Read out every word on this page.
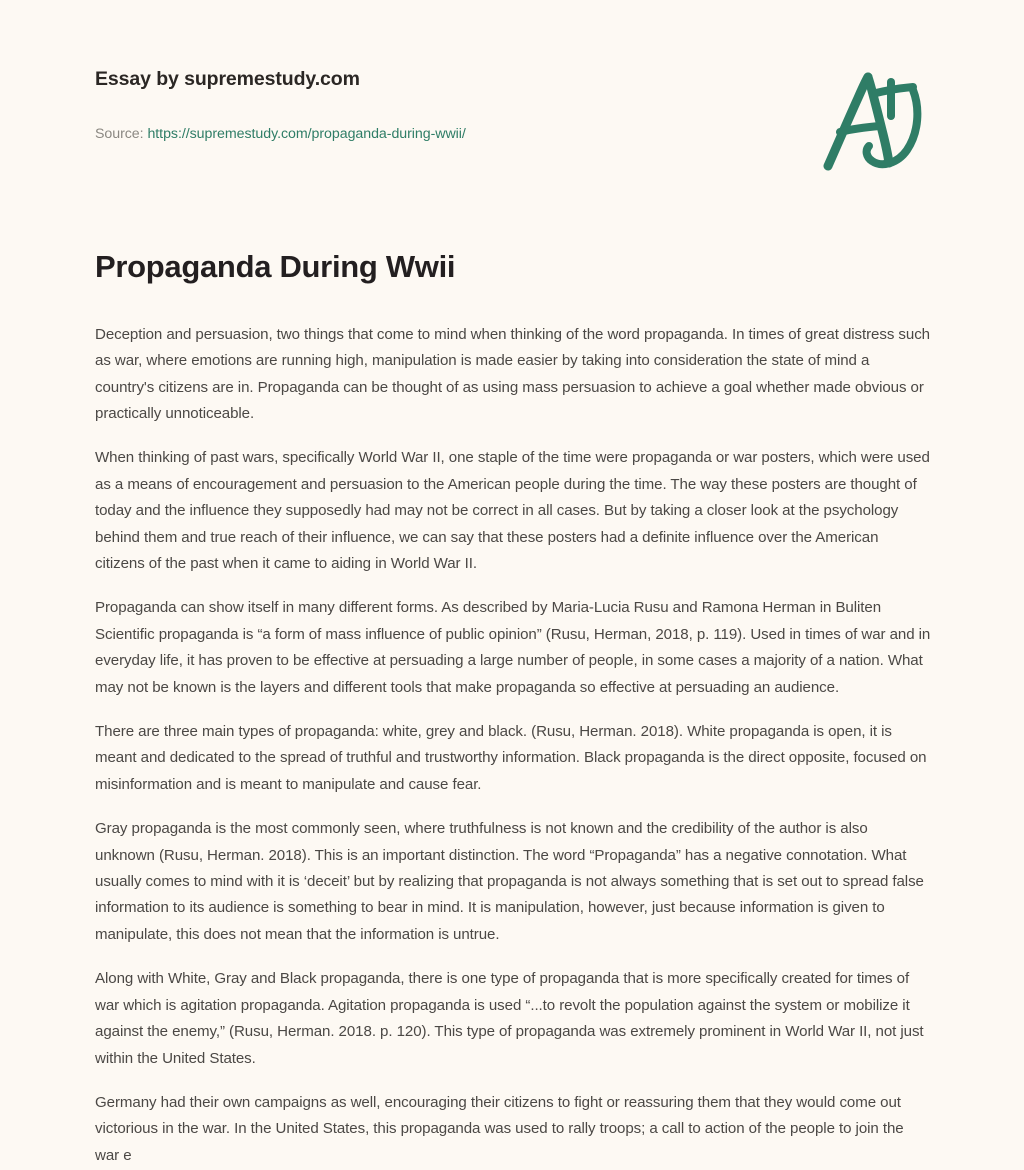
Essay by supremestudy.com
Source: https://supremestudy.com/propaganda-during-wwii/
Propaganda During Wwii

Deception and persuasion, two things that come to mind when thinking of the word propaganda. In times of great distress such as war, where emotions are running high, manipulation is made easier by taking into consideration the state of mind a country's citizens are in. Propaganda can be thought of as using mass persuasion to achieve a goal whether made obvious or practically unnoticeable.

When thinking of past wars, specifically World War II, one staple of the time were propaganda or war posters, which were used as a means of encouragement and persuasion to the American people during the time. The way these posters are thought of today and the influence they supposedly had may not be correct in all cases. But by taking a closer look at the psychology behind them and true reach of their influence, we can say that these posters had a definite influence over the American citizens of the past when it came to aiding in World War II.

Propaganda can show itself in many different forms. As described by Maria-Lucia Rusu and Ramona Herman in Buliten Scientific propaganda is “a form of mass influence of public opinion” (Rusu, Herman, 2018, p. 119). Used in times of war and in everyday life, it has proven to be effective at persuading a large number of people, in some cases a majority of a nation. What may not be known is the layers and different tools that make propaganda so effective at persuading an audience.

There are three main types of propaganda: white, grey and black. (Rusu, Herman. 2018). White propaganda is open, it is meant and dedicated to the spread of truthful and trustworthy information. Black propaganda is the direct opposite, focused on misinformation and is meant to manipulate and cause fear.

Gray propaganda is the most commonly seen, where truthfulness is not known and the credibility of the author is also unknown (Rusu, Herman. 2018). This is an important distinction. The word “Propaganda” has a negative connotation. What usually comes to mind with it is ‘deceit’ but by realizing that propaganda is not always something that is set out to spread false information to its audience is something to bear in mind. It is manipulation, however, just because information is given to manipulate, this does not mean that the information is untrue.

Along with White, Gray and Black propaganda, there is one type of propaganda that is more specifically created for times of war which is agitation propaganda. Agitation propaganda is used “...to revolt the population against the system or mobilize it against the enemy,” (Rusu, Herman. 2018. p. 120). This type of propaganda was extremely prominent in World War II, not just within the United States.

Germany had their own campaigns as well, encouraging their citizens to fight or reassuring them that they would come out victorious in the war. In the United States, this propaganda was used to rally troops; a call to action of the people to join the war e
